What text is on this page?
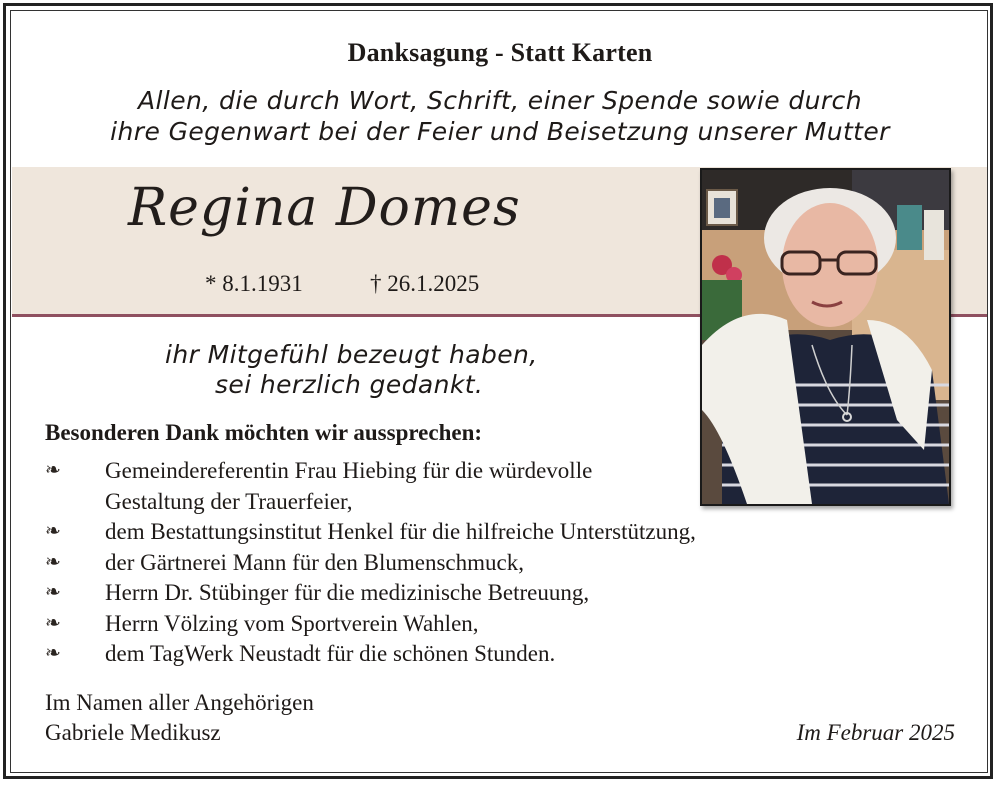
Danksagung - Statt Karten
Allen, die durch Wort, Schrift, einer Spende sowie durch
ihre Gegenwart bei der Feier und Beisetzung unserer Mutter
Regina Domes
* 8.1.1931	† 26.1.2025
ihr Mitgefühl bezeugt haben,
sei herzlich gedankt.
Besonderen Dank möchten wir aussprechen:
❧ Gemeindereferentin Frau Hiebing für die würdevolle
Gestaltung der Trauerfeier,
❧ dem Bestattungsinstitut Henkel für die hilfreiche Unterstützung,
❧ der Gärtnerei Mann für den Blumenschmuck,
❧ Herrn Dr. Stübinger für die medizinische Betreuung,
❧ Herrn Völzing vom Sportverein Wahlen,
❧ dem TagWerk Neustadt für die schönen Stunden.
Im Namen aller Angehörigen
Gabriele Medikusz	Im Februar 2025
